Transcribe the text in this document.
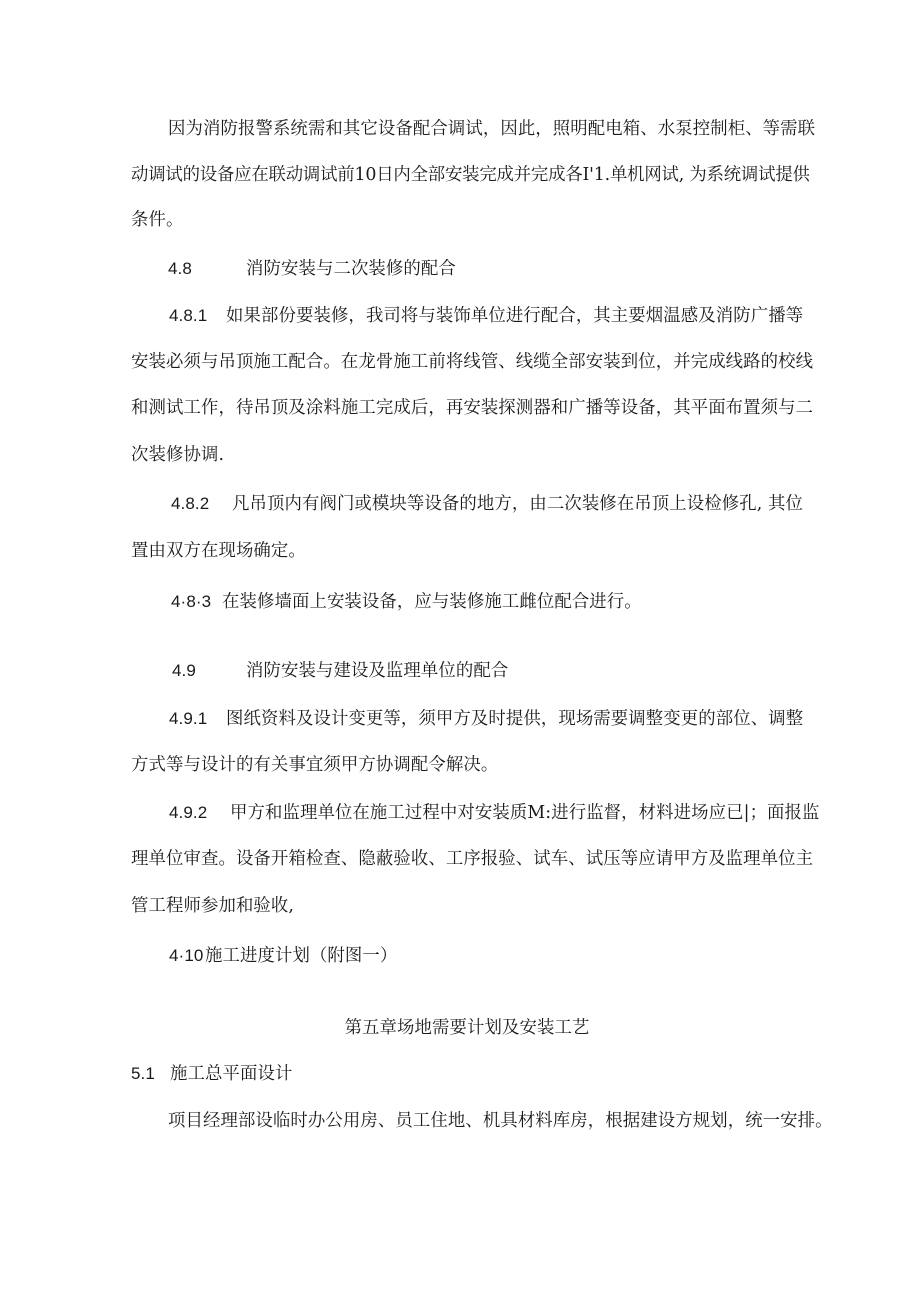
因为消防报警系统需和其它设备配合调试，因此，照明配电箱、水泵控制柜、等需联
动调试的设备应在联动调试前10日内全部安装完成并完成各Ⅰ'1.单机网试, 为系统调试提供
条件。
4.8	消防安装与二次装修的配合
4.8.1 如果部份要装修，我司将与装饰单位进行配合，其主要烟温感及消防广播等
安装必须与吊顶施工配合。在龙骨施工前将线管、线缆全部安装到位，并完成线路的校线
和测试工作，待吊顶及涂料施工完成后，再安装探测器和广播等设备，其平面布置须与二
次装修协调.
4.8.2 凡吊顶内有阀门或模块等设备的地方，由二次装修在吊顶上设检修孔, 其位
置由双方在现场确定。
4·8·3 在装修墙面上安装设备，应与装修施工雌位配合进行。
4.9	消防安装与建设及监理单位的配合
4.9.1 图纸资料及设计变更等，须甲方及时提供，现场需要调整变更的部位、调整
方式等与设计的有关事宜须甲方协调配令解决。
4.9.2 甲方和监理单位在施工过程中对安装质M:进行监督，材料进场应已|；面报监
理单位审查。设备开箱检查、隐蔽验收、工序报验、试车、试压等应请甲方及监理单位主
管工程师参加和验收,
4·10 施工进度计划（附图一）
第五章场地需要计划及安装工艺
5.1 施工总平面设计
项目经理部设临时办公用房、员工住地、机具材料库房，根据建设方规划，统一安排。
